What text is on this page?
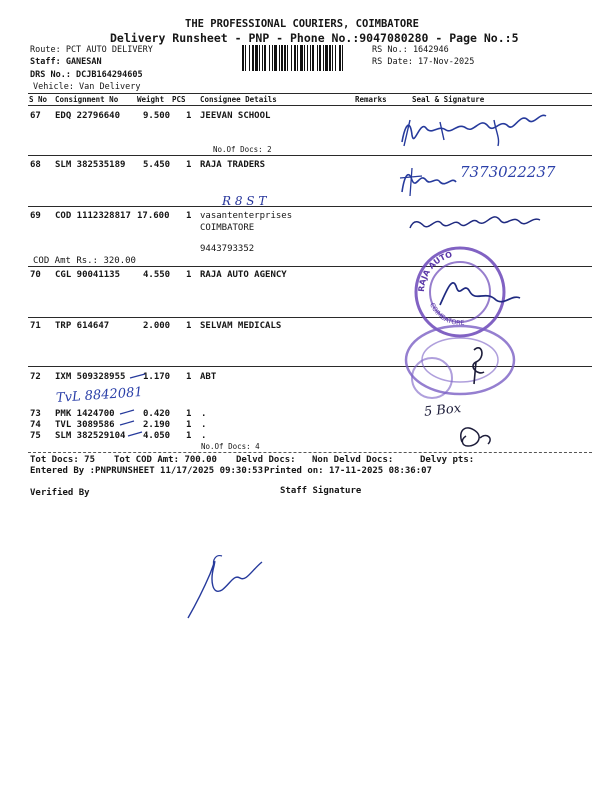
THE PROFESSIONAL COURIERS, COIMBATORE
Delivery Runsheet - PNP - Phone No.:9047080280 - Page No.:5
Route: PCT AUTO DELIVERY
Staff: GANESAN
DRS No.: DCJB164294605
Vehicle: Van Delivery
RS No.: 1642946
RS Date: 17-Nov-2025
S No Consignment No	Weight PCS Consignee Details	Remarks	Seal & Signature
67 EDQ 22796640	9.500 1 JEEVAN SCHOOL
No.Of Docs: 2
68 SLM 382535189 5.450 1 RAJA TRADERS
R 8 S T
7373022237
69 COD 1112328817 17.600 1 vasantenterprises
COIMBATORE
9443793352
COD Amt Rs.: 320.00
70 CGL 90041135	4.550 1 RAJA AUTO AGENCY
71 TRP 614647	2.000 1 SELVAM MEDICALS
72 IXM 509328955 1.170 1 ABT
TvL 8842081
73 PMK 1424700	0.420 1 .
74 TVL 3089586	2.190 1 .
75 SLM 382529104 4.050 1 .
No.Of Docs: 4
5 Box
Tot Docs: 75 Tot COD Amt: 700.00 Delvd Docs: Non Delvd Docs:	Delvy pts:
Entered By :PNPRUNSHEET 11/17/2025 09:30:53 Printed on: 17-11-2025 08:36:07
Verified By	Staff Signature
RAJA AUTO
COIMBATORE
